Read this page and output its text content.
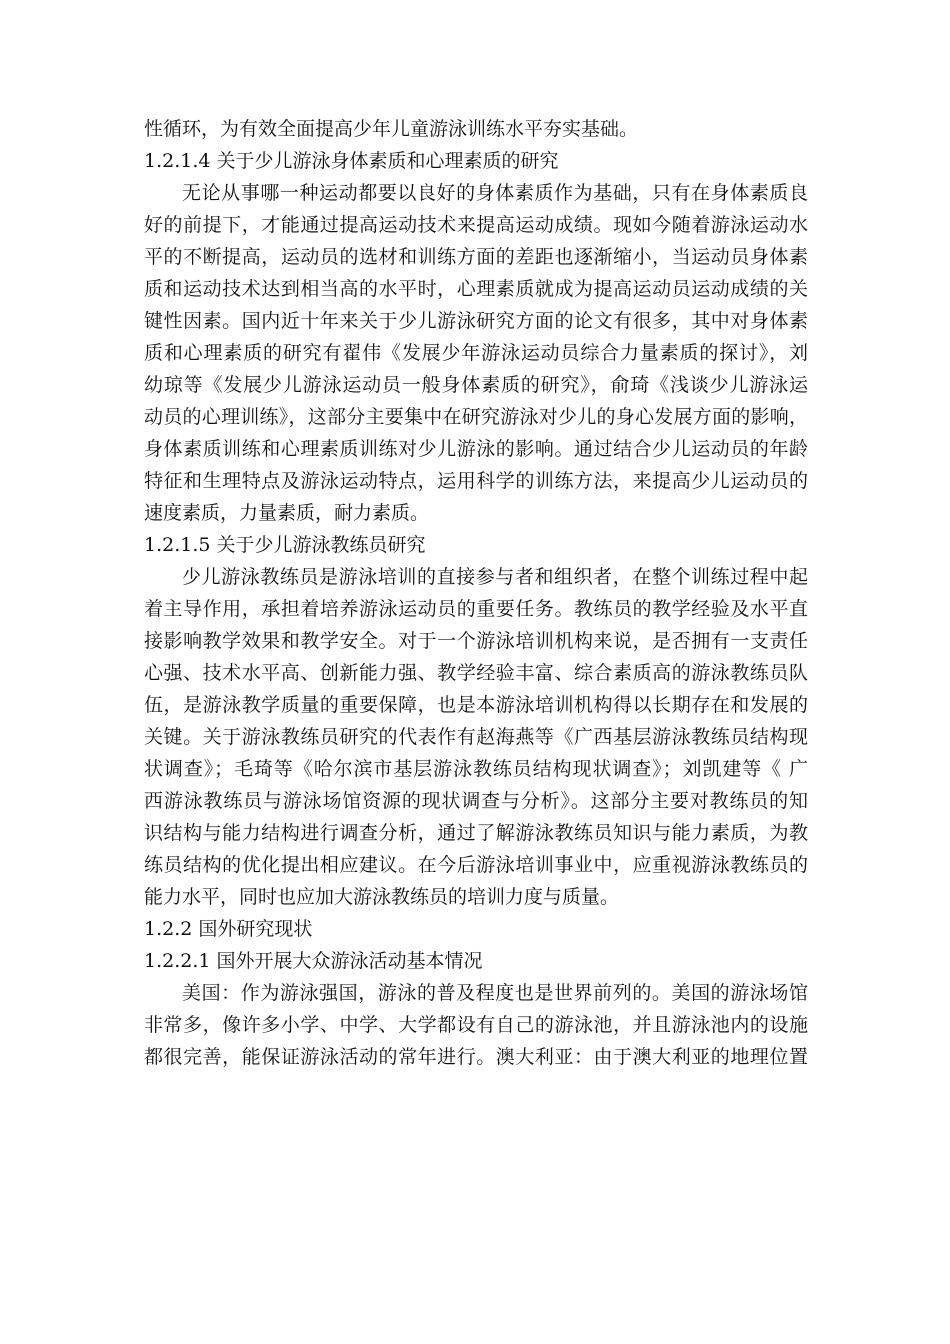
性循环，为有效全面提高少年儿童游泳训练水平夯实基础。
1.2.1.4 关于少儿游泳身体素质和心理素质的研究
无论从事哪一种运动都要以良好的身体素质作为基础，只有在身体素质良
好的前提下，才能通过提高运动技术来提高运动成绩。现如今随着游泳运动水
平的不断提高，运动员的选材和训练方面的差距也逐渐缩小，当运动员身体素
质和运动技术达到相当高的水平时，心理素质就成为提高运动员运动成绩的关
键性因素。国内近十年来关于少儿游泳研究方面的论文有很多，其中对身体素
质和心理素质的研究有翟伟《发展少年游泳运动员综合力量素质的探讨》，刘
幼琼等《发展少儿游泳运动员一般身体素质的研究》，俞琦《浅谈少儿游泳运
动员的心理训练》，这部分主要集中在研究游泳对少儿的身心发展方面的影响，
身体素质训练和心理素质训练对少儿游泳的影响。通过结合少儿运动员的年龄
特征和生理特点及游泳运动特点，运用科学的训练方法，来提高少儿运动员的
速度素质，力量素质，耐力素质。
1.2.1.5 关于少儿游泳教练员研究
少儿游泳教练员是游泳培训的直接参与者和组织者，在整个训练过程中起
着主导作用，承担着培养游泳运动员的重要任务。教练员的教学经验及水平直
接影响教学效果和教学安全。对于一个游泳培训机构来说，是否拥有一支责任
心强、技术水平高、创新能力强、教学经验丰富、综合素质高的游泳教练员队
伍，是游泳教学质量的重要保障，也是本游泳培训机构得以长期存在和发展的
关键。关于游泳教练员研究的代表作有赵海燕等《广西基层游泳教练员结构现
状调查》；毛琦等《哈尔滨市基层游泳教练员结构现状调查》；刘凯建等《 广
西游泳教练员与游泳场馆资源的现状调查与分析》。这部分主要对教练员的知
识结构与能力结构进行调查分析，通过了解游泳教练员知识与能力素质，为教
练员结构的优化提出相应建议。在今后游泳培训事业中，应重视游泳教练员的
能力水平，同时也应加大游泳教练员的培训力度与质量。
1.2.2 国外研究现状
1.2.2.1 国外开展大众游泳活动基本情况
美国：作为游泳强国，游泳的普及程度也是世界前列的。美国的游泳场馆
非常多，像许多小学、中学、大学都设有自己的游泳池，并且游泳池内的设施
都很完善，能保证游泳活动的常年进行。澳大利亚：由于澳大利亚的地理位置
